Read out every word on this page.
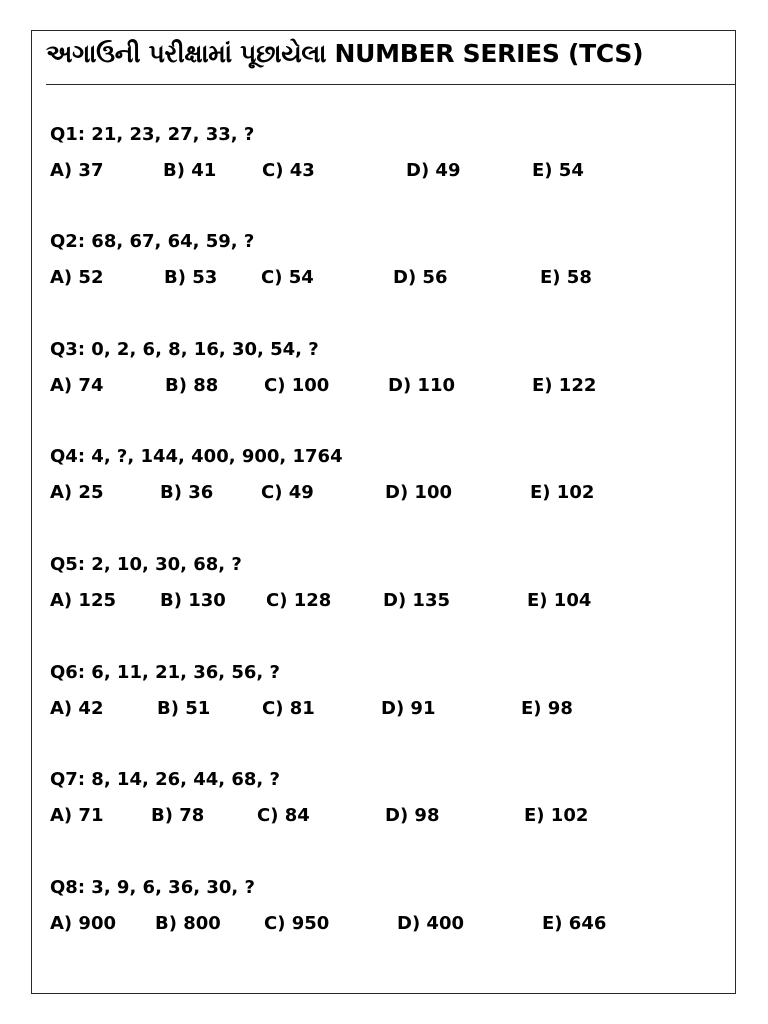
અગાઉની પરીક્ષામાં પૂછાયેલા NUMBER SERIES (TCS)
Q1: 21, 23, 27, 33, ?
A) 37	B) 41	C) 43	D) 49	E) 54
Q2: 68, 67, 64, 59, ?
A) 52	B) 53 C) 54	D) 56	E) 58
Q3: 0, 2, 6, 8, 16, 30, 54, ?
A) 74	B) 88	C) 100	D) 110	E) 122
Q4: 4, ?, 144, 400, 900, 1764
A) 25	B) 36	C) 49	D) 100	E) 102
Q5: 2, 10, 30, 68, ?
A) 125 B) 130 C) 128	D) 135	E) 104
Q6: 6, 11, 21, 36, 56, ?
A) 42	B) 51	C) 81	D) 91	E) 98
Q7: 8, 14, 26, 44, 68, ?
A) 71	B) 78	C) 84	D) 98	E) 102
Q8: 3, 9, 6, 36, 30, ?
A) 900 B) 800 C) 950	D) 400	E) 646
